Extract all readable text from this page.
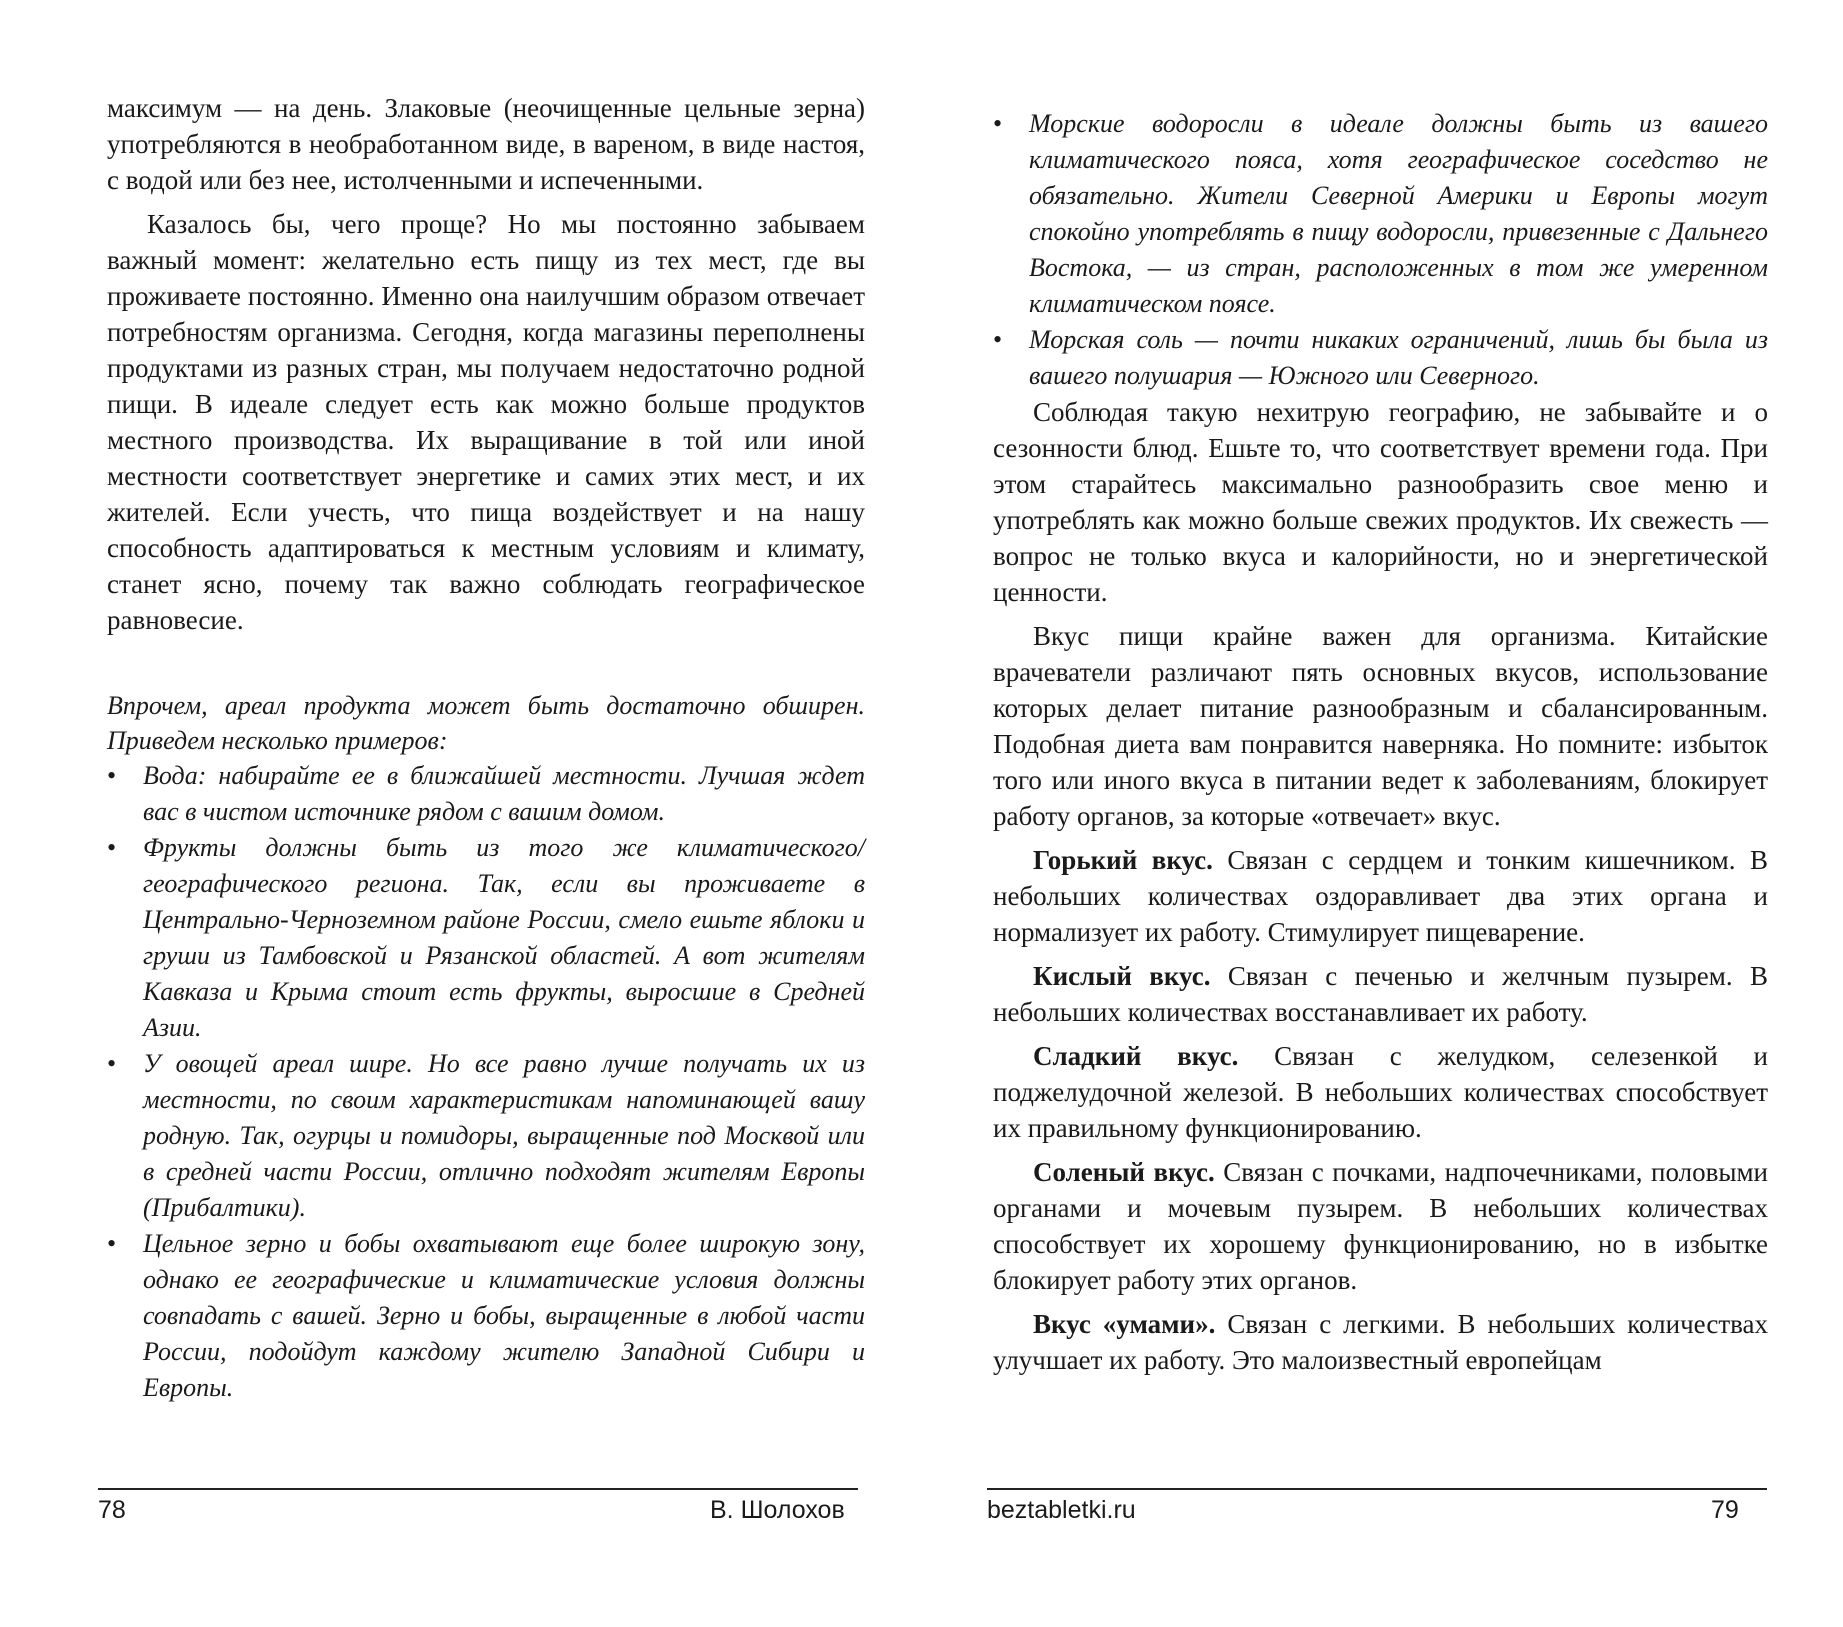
максимум — на день. Злаковые (неочищенные цельные зерна) употребляются в необработанном виде, в вареном, в виде настоя, с водой или без нее, истолченными и испеченными.

Казалось бы, чего проще? Но мы постоянно забываем важный момент: желательно есть пищу из тех мест, где вы проживаете постоянно. Именно она наилучшим образом отвечает потребностям организма. Сегодня, когда магазины переполнены продуктами из разных стран, мы получаем недостаточно родной пищи. В идеале следует есть как можно больше продуктов местного производства. Их выращивание в той или иной местности соответствует энергетике и самих этих мест, и их жителей. Если учесть, что пища воздействует и на нашу способность адаптироваться к местным условиям и климату, станет ясно, почему так важно соблюдать географическое равновесие.

Впрочем, ареал продукта может быть достаточно обширен. Приведем несколько примеров:

• Вода: набирайте ее в ближайшей местности. Лучшая ждет вас в чистом источнике рядом с вашим домом.
• Фрукты должны быть из того же климатического/ географического региона. Так, если вы проживаете в Центрально-Черноземном районе России, смело ешьте яблоки и груши из Тамбовской и Рязанской областей. А вот жителям Кавказа и Крыма стоит есть фрукты, выросшие в Средней Азии.
• У овощей ареал шире. Но все равно лучше получать их из местности, по своим характеристикам напоминающей вашу родную. Так, огурцы и помидоры, выращенные под Москвой или в средней части России, отлично подходят жителям Европы (Прибалтики).
• Цельное зерно и бобы охватывают еще более широкую зону, однако ее географические и климатические условия должны совпадать с вашей. Зерно и бобы, выращенные в любой части России, подойдут каждому жителю Западной Сибири и Европы.
78	В. Шолохов
• Морские водоросли в идеале должны быть из вашего климатического пояса, хотя географическое соседство не обязательно. Жители Северной Америки и Европы могут спокойно употреблять в пищу водоросли, привезенные с Дальнего Востока, — из стран, расположенных в том же умеренном климатическом поясе.
• Морская соль — почти никаких ограничений, лишь бы была из вашего полушария — Южного или Северного.

Соблюдая такую нехитрую географию, не забывайте и о сезонности блюд. Ешьте то, что соответствует времени года. При этом старайтесь максимально разнообразить свое меню и употреблять как можно больше свежих продуктов. Их свежесть — вопрос не только вкуса и калорийности, но и энергетической ценности.

Вкус пищи крайне важен для организма. Китайские врачеватели различают пять основных вкусов, использование которых делает питание разнообразным и сбалансированным. Подобная диета вам понравится наверняка. Но помните: избыток того или иного вкуса в питании ведет к заболеваниям, блокирует работу органов, за которые «отвечает» вкус.

Горький вкус. Связан с сердцем и тонким кишечником. В небольших количествах оздоравливает два этих органа и нормализует их работу. Стимулирует пищеварение.

Кислый вкус. Связан с печенью и желчным пузырем. В небольших количествах восстанавливает их работу.

Сладкий вкус. Связан с желудком, селезенкой и поджелудочной железой. В небольших количествах способствует их правильному функционированию.

Соленый вкус. Связан с почками, надпочечниками, половыми органами и мочевым пузырем. В небольших количествах способствует их хорошему функционированию, но в избытке блокирует работу этих органов.

Вкус «умами». Связан с легкими. В небольших количествах улучшает их работу. Это малоизвестный европейцам

beztabletki.ru	79
